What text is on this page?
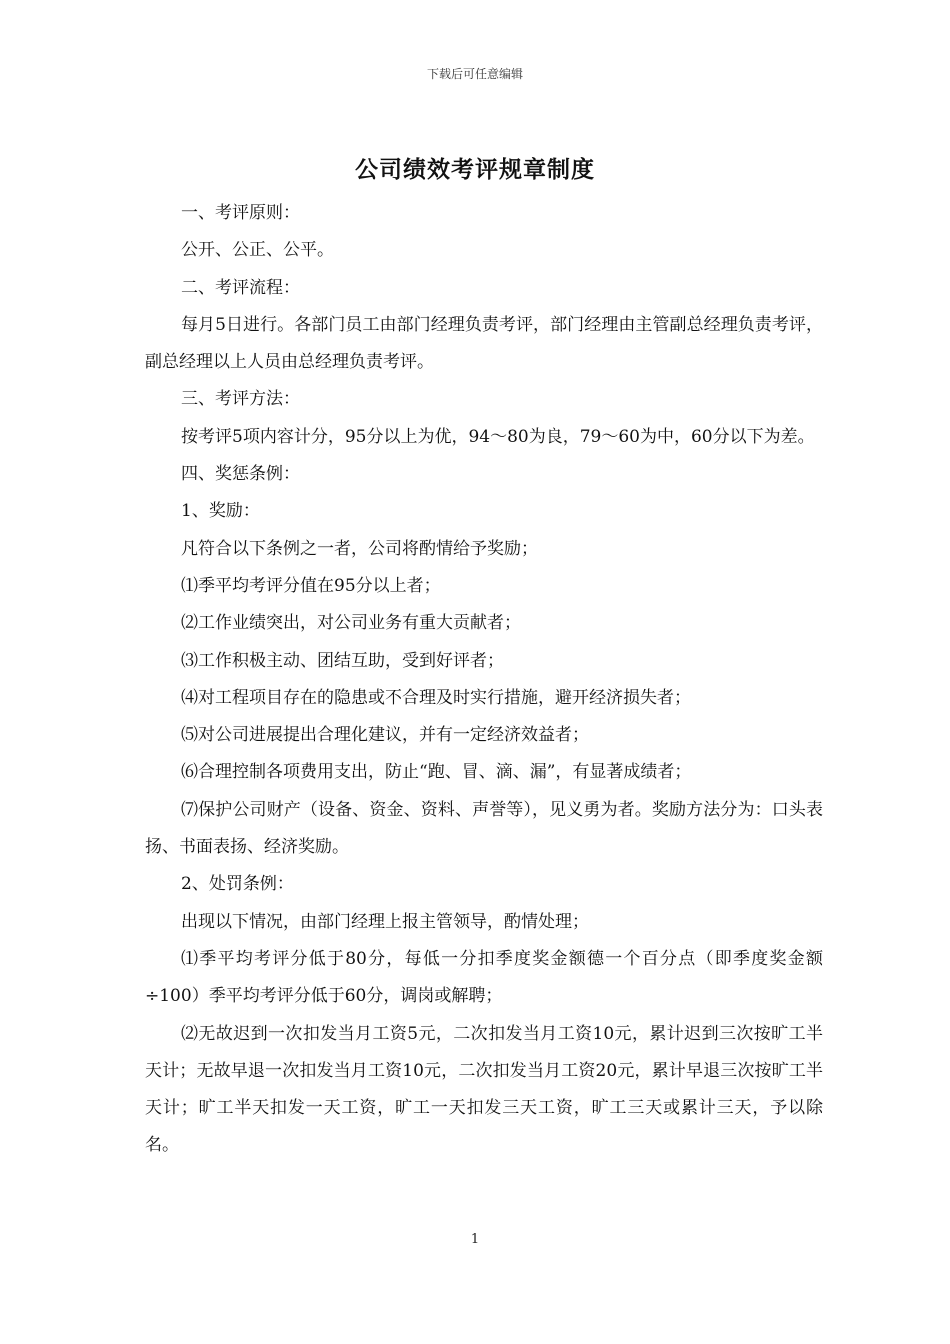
下载后可任意编辑
公司绩效考评规章制度

一、考评原则：

公开、公正、公平。

二、考评流程：

每月5日进行。各部门员工由部门经理负责考评，部门经理由主管副总经理负责考评，副总经理以上人员由总经理负责考评。

三、考评方法：

按考评5项内容计分，95分以上为优，94～80为良，79～60为中，60分以下为差。

四、奖惩条例：

1、奖励：

凡符合以下条例之一者，公司将酌情给予奖励；

⑴季平均考评分值在95分以上者；

⑵工作业绩突出，对公司业务有重大贡献者；

⑶工作积极主动、团结互助，受到好评者；

⑷对工程项目存在的隐患或不合理及时实行措施，避开经济损失者；

⑸对公司进展提出合理化建议，并有一定经济效益者；

⑹合理控制各项费用支出，防止“跑、冒、滴、漏”，有显著成绩者；

⑺保护公司财产（设备、资金、资料、声誉等），见义勇为者。奖励方法分为：口头表扬、书面表扬、经济奖励。

2、处罚条例：

出现以下情况，由部门经理上报主管领导，酌情处理；

⑴季平均考评分低于80分，每低一分扣季度奖金额德一个百分点（即季度奖金额÷100）季平均考评分低于60分，调岗或解聘；

⑵无故迟到一次扣发当月工资5元，二次扣发当月工资10元，累计迟到三次按旷工半天计；无故早退一次扣发当月工资10元，二次扣发当月工资20元，累计早退三次按旷工半天计；旷工半天扣发一天工资，旷工一天扣发三天工资，旷工三天或累计三天，予以除名。

1
